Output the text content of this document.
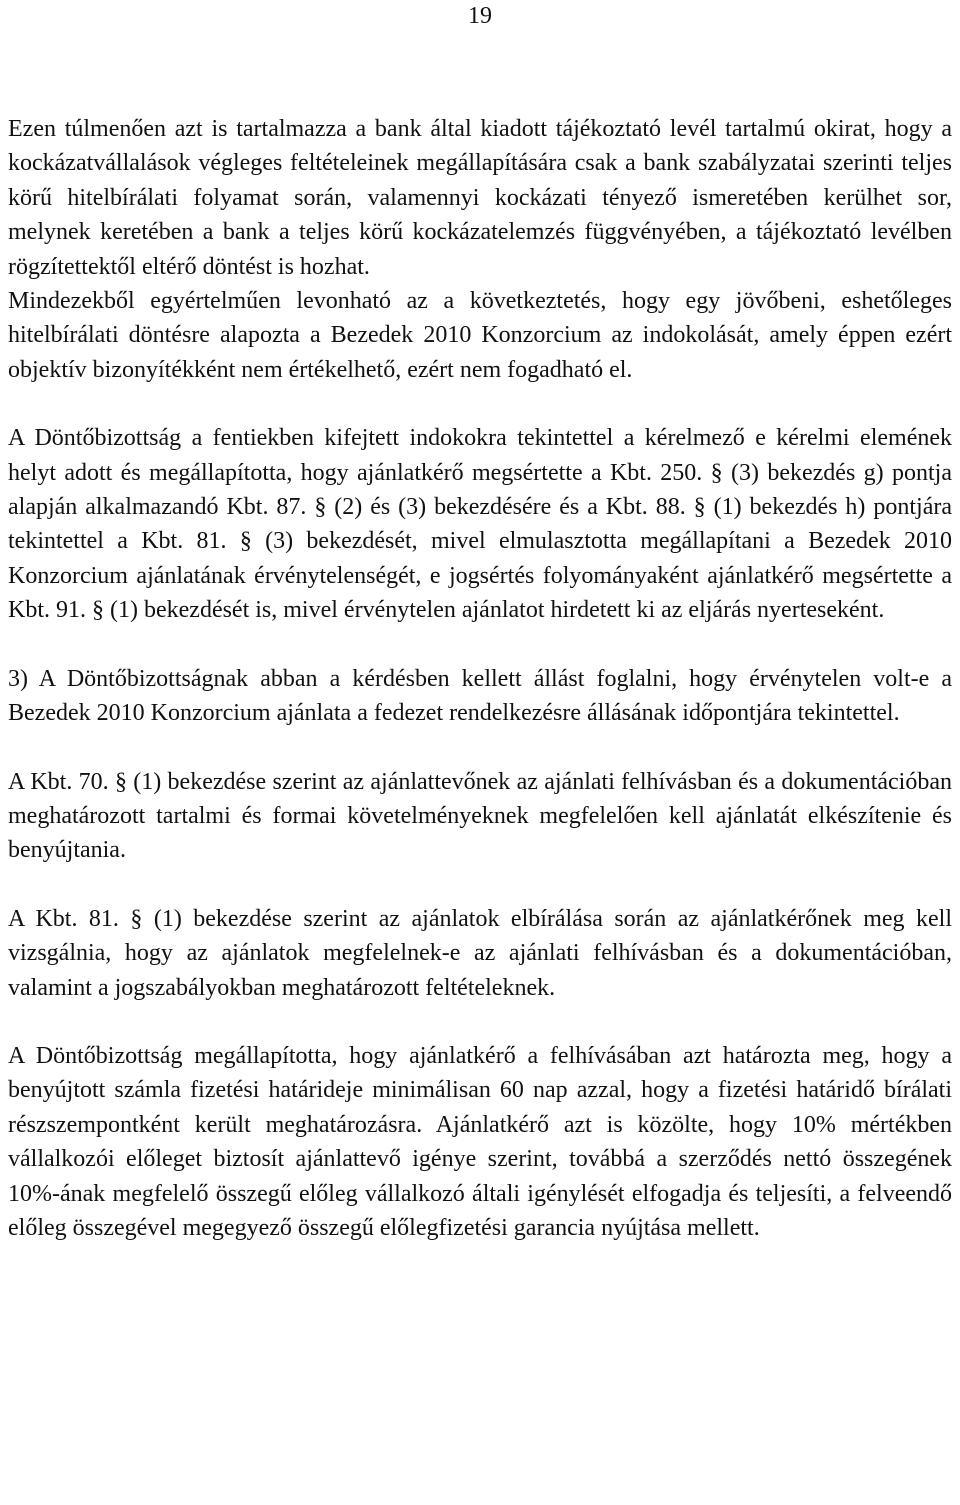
19

Ezen túlmenően azt is tartalmazza a bank által kiadott tájékoztató levél tartalmú okirat, hogy a kockázatvállalások végleges feltételeinek megállapítására csak a bank szabályzatai szerinti teljes körű hitelbírálati folyamat során, valamennyi kockázati tényező ismeretében kerülhet sor, melynek keretében a bank a teljes körű kockázatelemzés függvényében, a tájékoztató levélben rögzítettektől eltérő döntést is hozhat.

Mindezekből egyértelműen levonható az a következtetés, hogy egy jövőbeni, eshetőleges hitelbírálati döntésre alapozta a Bezedek 2010 Konzorcium az indokolását, amely éppen ezért objektív bizonyítékként nem értékelhető, ezért nem fogadható el.

A Döntőbizottság a fentiekben kifejtett indokokra tekintettel a kérelmező e kérelmi elemének helyt adott és megállapította, hogy ajánlatkérő megsértette a Kbt. 250. § (3) bekezdés g) pontja alapján alkalmazandó Kbt. 87. § (2) és (3) bekezdésére és a Kbt. 88. § (1) bekezdés h) pontjára tekintettel a Kbt. 81. § (3) bekezdését, mivel elmulasztotta megállapítani a Bezedek 2010 Konzorcium ajánlatának érvénytelenségét, e jogsértés folyományaként ajánlatkérő megsértette a Kbt. 91. § (1) bekezdését is, mivel érvénytelen ajánlatot hirdetett ki az eljárás nyerteseként.

3) A Döntőbizottságnak abban a kérdésben kellett állást foglalni, hogy érvénytelen volt-e a Bezedek 2010 Konzorcium ajánlata a fedezet rendelkezésre állásának időpontjára tekintettel.

A Kbt. 70. § (1) bekezdése szerint az ajánlattevőnek az ajánlati felhívásban és a dokumentációban meghatározott tartalmi és formai követelményeknek megfelelően kell ajánlatát elkészítenie és benyújtania.

A Kbt. 81. § (1) bekezdése szerint az ajánlatok elbírálása során az ajánlatkérőnek meg kell vizsgálnia, hogy az ajánlatok megfelelnek-e az ajánlati felhívásban és a dokumentációban, valamint a jogszabályokban meghatározott feltételeknek.

A Döntőbizottság megállapította, hogy ajánlatkérő a felhívásában azt határozta meg, hogy a benyújtott számla fizetési határideje minimálisan 60 nap azzal, hogy a fizetési határidő bírálati részszempontként került meghatározásra. Ajánlatkérő azt is közölte, hogy 10% mértékben vállalkozói előleget biztosít ajánlattevő igénye szerint, továbbá a szerződés nettó összegének 10%-ának megfelelő összegű előleg vállalkozó általi igénylését elfogadja és teljesíti, a felveendő előleg összegével megegyező összegű előlegfizetési garancia nyújtása mellett.
